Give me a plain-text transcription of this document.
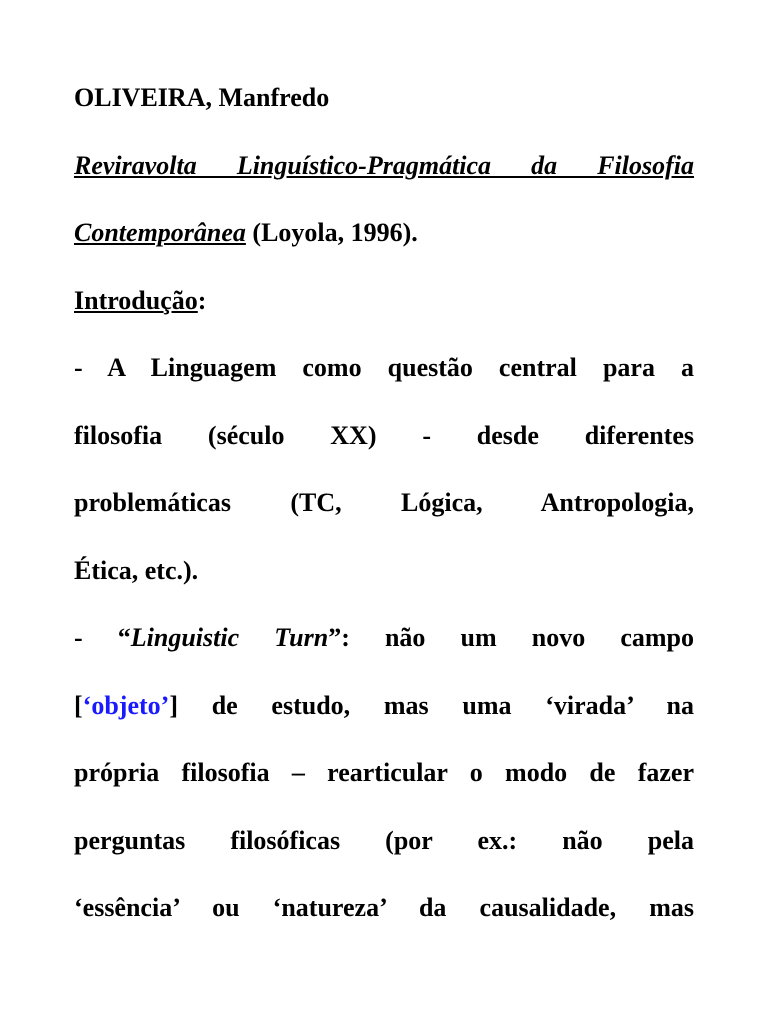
OLIVEIRA, Manfredo
Reviravolta Linguístico-Pragmática da Filosofia
Contemporânea (Loyola, 1996).
Introdução:
- A Linguagem como questão central para a
filosofia (século XX) - desde diferentes
problemáticas (TC, Lógica, Antropologia,
Ética, etc.).
- “Linguistic Turn”: não um novo campo
[‘objeto’] de estudo, mas uma ‘virada’ na
própria filosofia – rearticular o modo de fazer
perguntas filosóficas (por ex.: não pela
‘essência’ ou ‘natureza’ da causalidade, mas
